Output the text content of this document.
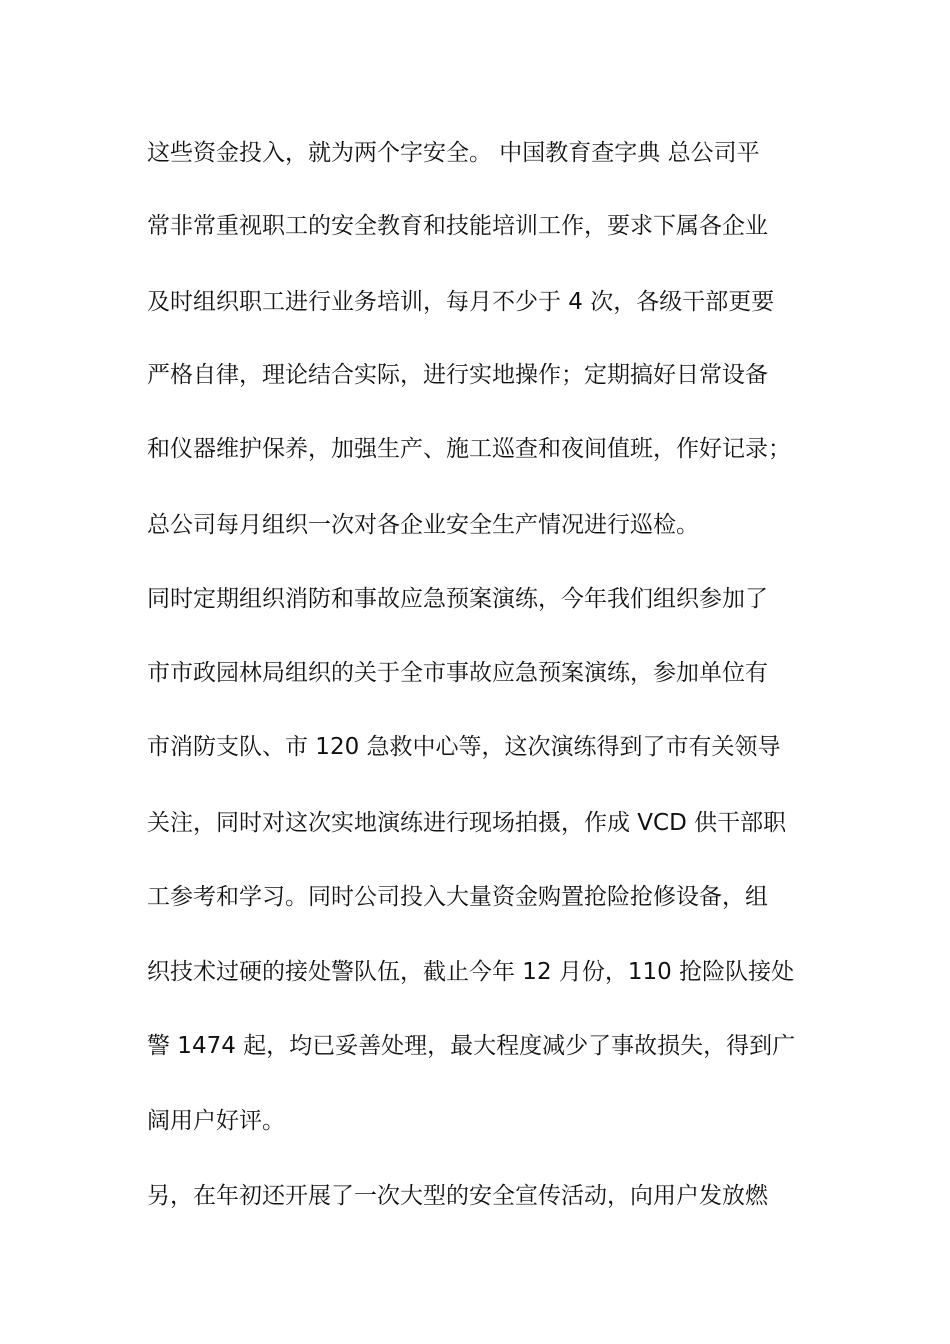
这些资金投入，就为两个字安全。 中国教育查字典 总公司平
常非常重视职工的安全教育和技能培训工作，要求下属各企业
及时组织职工进行业务培训，每月不少于 4 次，各级干部更要
严格自律，理论结合实际，进行实地操作；定期搞好日常设备
和仪器维护保养，加强生产、施工巡查和夜间值班，作好记录；
总公司每月组织一次对各企业安全生产情况进行巡检。
同时定期组织消防和事故应急预案演练，今年我们组织参加了
市市政园林局组织的关于全市事故应急预案演练，参加单位有
市消防支队、市 120 急救中心等，这次演练得到了市有关领导
关注，同时对这次实地演练进行现场拍摄，作成 VCD 供干部职
工参考和学习。同时公司投入大量资金购置抢险抢修设备，组
织技术过硬的接处警队伍，截止今年 12 月份，110 抢险队接处
警 1474 起，均已妥善处理，最大程度减少了事故损失，得到广
阔用户好评。
另，在年初还开展了一次大型的安全宣传活动，向用户发放燃
